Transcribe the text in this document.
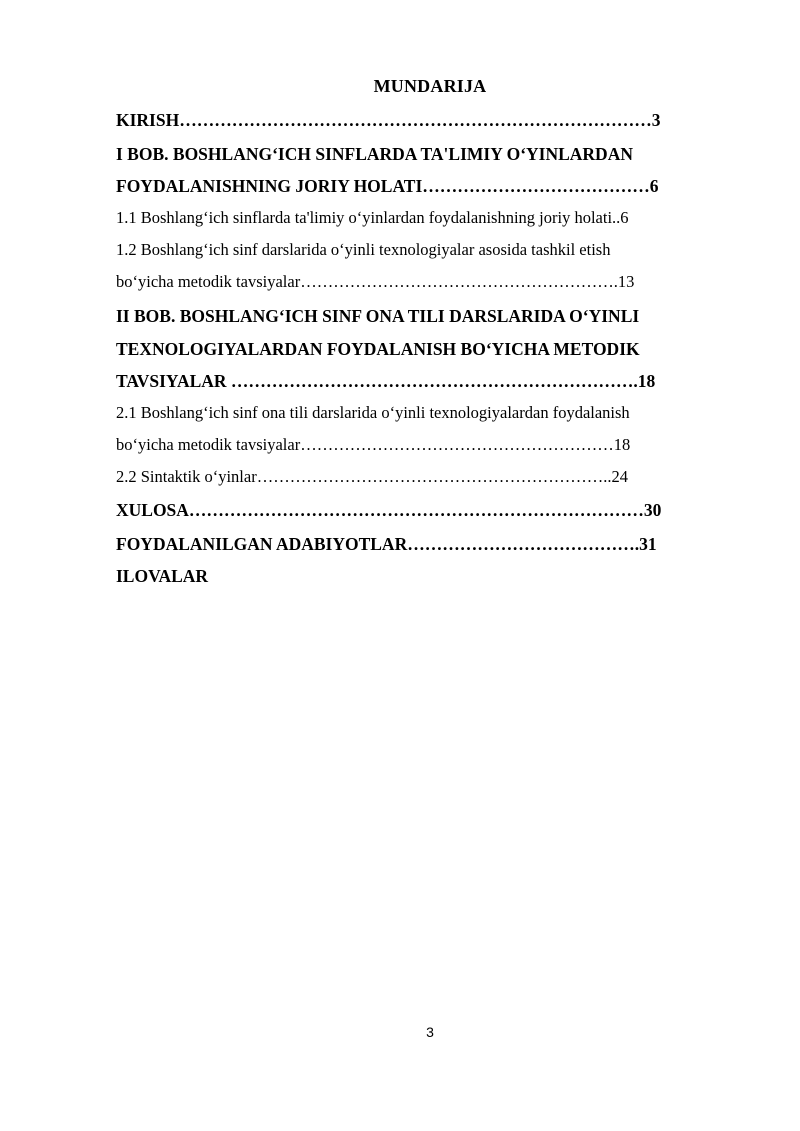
MUNDARIJA
KIRISH………………………………………………………………………3
I BOB. BOSHLANG‘ICH SINFLARDA TA'LIMIY O‘YINLARDAN
FOYDALANISHNING JORIY HOLATI…………………………………6
1.1 Boshlang‘ich sinflarda ta'limiy o‘yinlardan foydalanishning joriy holati..6
1.2 Boshlang‘ich sinf darslarida o‘yinli texnologiyalar asosida tashkil etish
bo‘yicha metodik tavsiyalar………………………………………………….13
II BOB. BOSHLANG‘ICH SINF ONA TILI DARSLARIDA O‘YINLI
TEXNOLOGIYALARDAN FOYDALANISH BO‘YICHA METODIK
TAVSIYALAR …………………………………………………………….18
2.1 Boshlang‘ich sinf ona tili darslarida o‘yinli texnologiyalardan foydalanish
bo‘yicha metodik tavsiyalar…………………………………………………18
2.2 Sintaktik o‘yinlar………………………………………………………..24
XULOSA……………………………………………………………………30
FOYDALANILGAN ADABIYOTLAR………………………………….31
ILOVALAR
3
